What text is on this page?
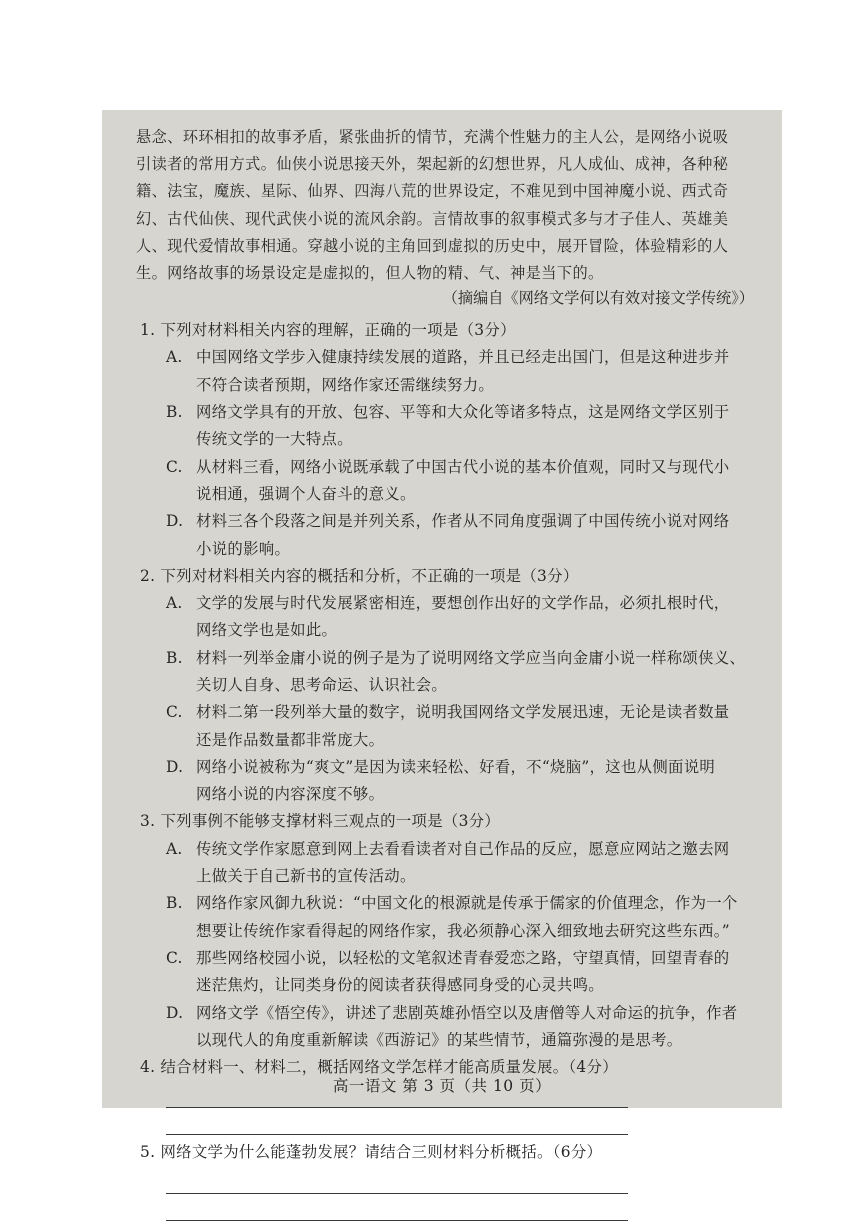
悬念、环环相扣的故事矛盾，紧张曲折的情节，充满个性魅力的主人公，是网络小说吸
引读者的常用方式。仙侠小说思接天外，架起新的幻想世界，凡人成仙、成神，各种秘
籍、法宝，魔族、星际、仙界、四海八荒的世界设定，不难见到中国神魔小说、西式奇
幻、古代仙侠、现代武侠小说的流风余韵。言情故事的叙事模式多与才子佳人、英雄美
人、现代爱情故事相通。穿越小说的主角回到虚拟的历史中，展开冒险，体验精彩的人
生。网络故事的场景设定是虚拟的，但人物的精、气、神是当下的。
（摘编自《网络文学何以有效对接文学传统》）
1. 下列对材料相关内容的理解，正确的一项是（3分）
A. 中国网络文学步入健康持续发展的道路，并且已经走出国门，但是这种进步并
不符合读者预期，网络作家还需继续努力。
B. 网络文学具有的开放、包容、平等和大众化等诸多特点，这是网络文学区别于
传统文学的一大特点。
C. 从材料三看，网络小说既承载了中国古代小说的基本价值观，同时又与现代小
说相通，强调个人奋斗的意义。
D. 材料三各个段落之间是并列关系，作者从不同角度强调了中国传统小说对网络
小说的影响。
2. 下列对材料相关内容的概括和分析，不正确的一项是（3分）
A. 文学的发展与时代发展紧密相连，要想创作出好的文学作品，必须扎根时代，
网络文学也是如此。
B. 材料一列举金庸小说的例子是为了说明网络文学应当向金庸小说一样称颂侠义、
关切人自身、思考命运、认识社会。
C. 材料二第一段列举大量的数字，说明我国网络文学发展迅速，无论是读者数量
还是作品数量都非常庞大。
D. 网络小说被称为“爽文”是因为读来轻松、好看，不“烧脑”，这也从侧面说明
网络小说的内容深度不够。
3. 下列事例不能够支撑材料三观点的一项是（3分）
A. 传统文学作家愿意到网上去看看读者对自己作品的反应，愿意应网站之邀去网
上做关于自己新书的宣传活动。
B. 网络作家风御九秋说：“中国文化的根源就是传承于儒家的价值理念，作为一个
想要让传统作家看得起的网络作家，我必须静心深入细致地去研究这些东西。”
C. 那些网络校园小说，以轻松的文笔叙述青春爱恋之路，守望真情，回望青春的
迷茫焦灼，让同类身份的阅读者获得感同身受的心灵共鸣。
D. 网络文学《悟空传》，讲述了悲剧英雄孙悟空以及唐僧等人对命运的抗争，作者
以现代人的角度重新解读《西游记》的某些情节，通篇弥漫的是思考。
4. 结合材料一、材料二，概括网络文学怎样才能高质量发展。（4分）
5. 网络文学为什么能蓬勃发展？请结合三则材料分析概括。（6分）
高一语文 第 3 页（共 10 页）
